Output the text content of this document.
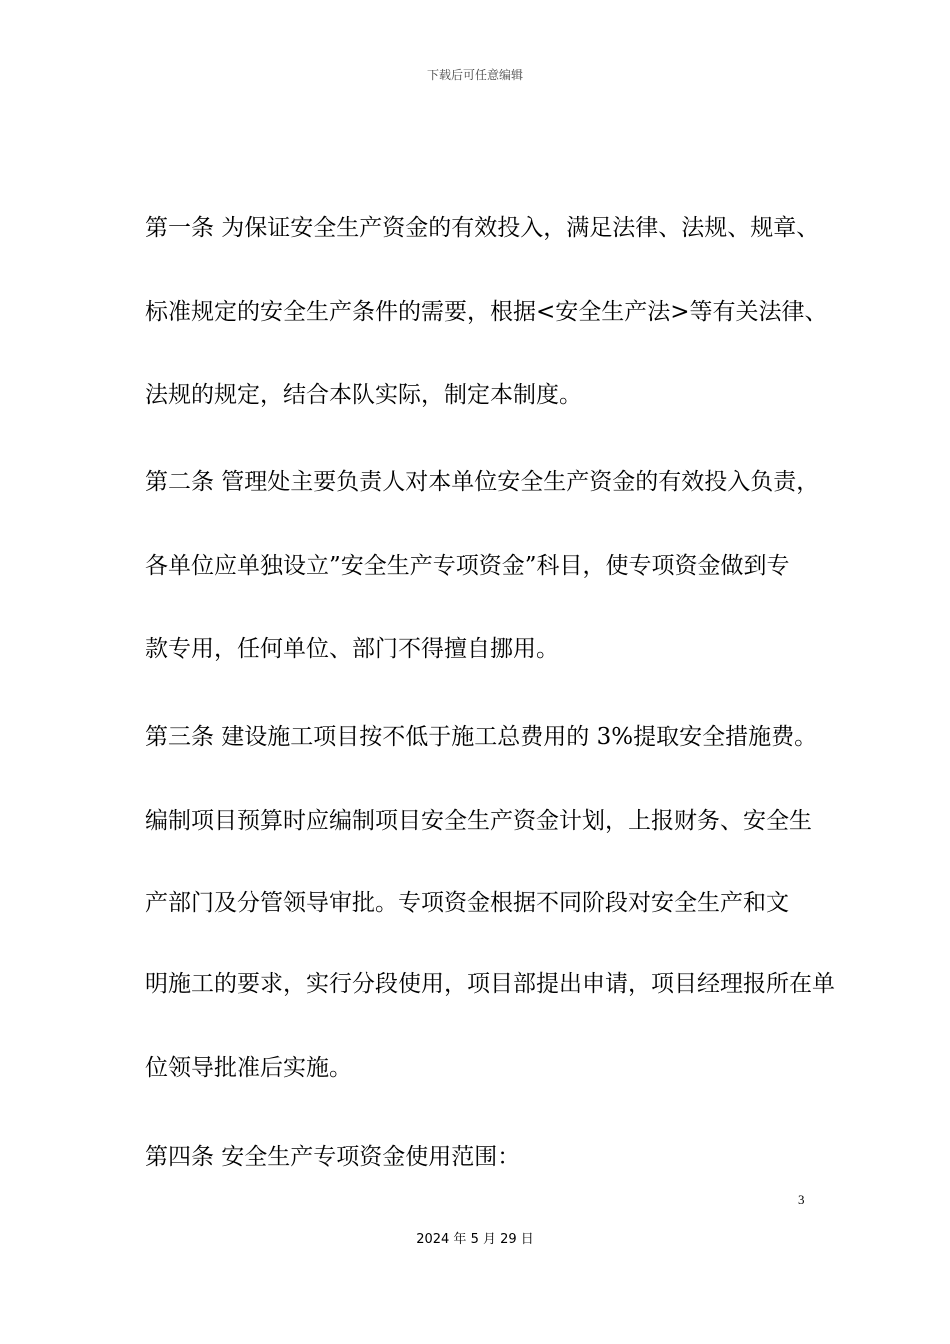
下载后可任意编辑
第一条 为保证安全生产资金的有效投入，满足法律、法规、规章、
标准规定的安全生产条件的需要，根据<安全生产法>等有关法律、
法规的规定，结合本队实际，制定本制度。
第二条 管理处主要负责人对本单位安全生产资金的有效投入负责，
各单位应单独设立”安全生产专项资金”科目，使专项资金做到专
款专用，任何单位、部门不得擅自挪用。
第三条 建设施工项目按不低于施工总费用的 3%提取安全措施费。
编制项目预算时应编制项目安全生产资金计划，上报财务、安全生
产部门及分管领导审批。专项资金根据不同阶段对安全生产和文
明施工的要求，实行分段使用，项目部提出申请，项目经理报所在单
位领导批准后实施。
第四条 安全生产专项资金使用范围：
3
2024 年 5 月 29 日
